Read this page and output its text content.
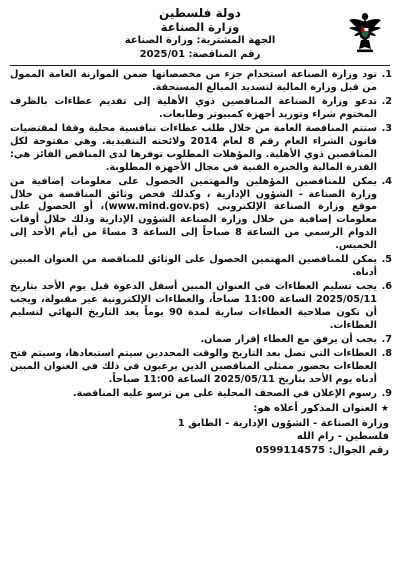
دولة فلسطين
وزارة الصناعة
الجهة المشترية: وزارة الصناعة
رقم المناقصة: 2025/01
1.
تود وزارة الصناعة استخدام جزء من مخصصاتها ضمن الموازنة العامة الممول من قبل وزارة المالية لتسديد المبالغ المستحقة.
2.
تدعو وزارة الصناعة المناقصين ذوي الأهلية إلى تقديم عطاءات بالظرف المختوم شراء وتوريد أجهزة كمبيوتر وطابعات.
3.
ستتم المناقصة العامة من خلال طلب عطاءات تنافسية محلية وفقا لمقتضيات قانون الشراء العام رقم 8 لعام 2014 ولائحته التنفيذية. وهي مفتوحة لكل المناقصين ذوي الأهلية. والمؤهلات المطلوب توفرها لدى المناقص الفائز هي: القدرة المالية والخبرة الفنية في مجال الأجهزة المطلوبة.
4.
يمكن للمناقصين المؤهلين والمهتمين الحصول على معلومات إضافية من وزارة الصناعة - الشؤون الإدارية ، وكذلك فحص وثائق المناقصة من خلال موقع وزارة الصناعة الإلكتروني (www.mind.gov.ps)، أو الحصول على معلومات إضافية من خلال وزارة الصناعة الشؤون الإدارية وذلك خلال أوقات الدوام الرسمي من الساعة 8 صباحاً إلى الساعة 3 مساءً من أيام الأحد إلى الخميس.
5.
يمكن للمناقصين المهتمين الحصول على الوثائق للمناقصة من العنوان المبين أدناه.
6.
يجب تسليم العطاءات في العنوان المبين أسفل الدعوة قبل يوم الأحد بتاريخ 2025/05/11 الساعة 11:00 صباحاً، والعطاءات الإلكترونية غير مقبولة، ويجب أن تكون صلاحية العطاءات سارية لمدة 90 يوماً بعد التاريخ النهائي لتسليم العطاءات.
7.
يجب أن يرفق مع العطاء إقرار ضمان.
8.
العطاءات التي تصل بعد التاريخ والوقت المحددين سيتم استبعادها، وسيتم فتح العطاءات بحضور ممثلي المناقصين الذين يرغبون في ذلك في العنوان المبين أدناه يوم الأحد بتاريخ 2025/05/11 الساعة 11:00 صباحاً.
9.
رسوم الإعلان في الصحف المحلية على من ترسو عليه المناقصة.
★ العنوان المذكور أعلاه هو:
وزارة الصناعة - الشؤون الإدارية - الطابق 1
فلسطين - رام الله
رقم الجوال: 0599114575
